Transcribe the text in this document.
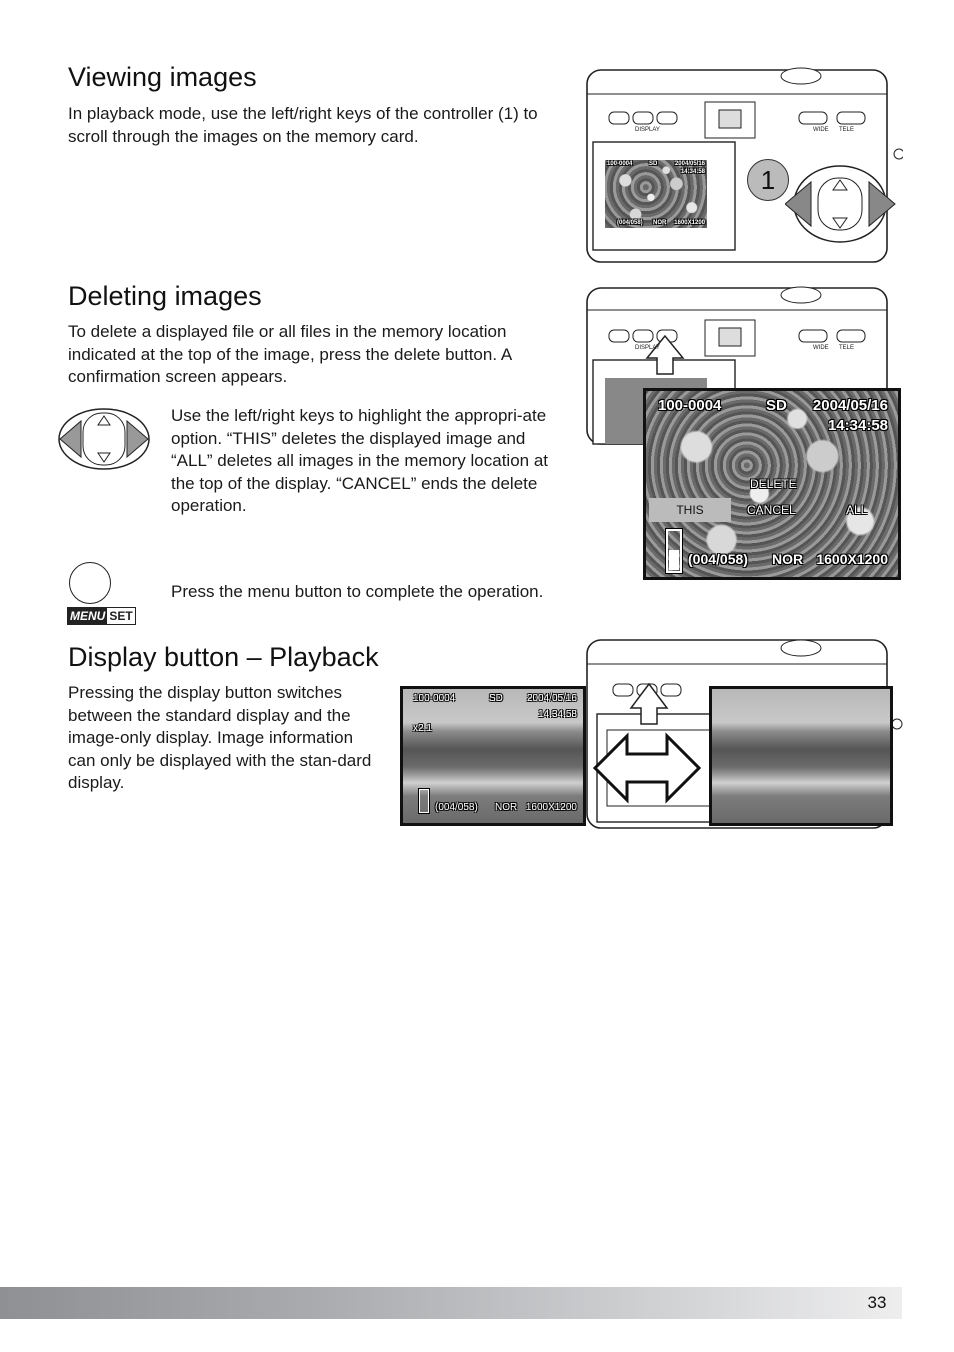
Viewing images

In playback mode, use the left/right keys of the controller (1) to scroll through the images on the memory card.	DISPLAY	WIDE TELE
100-0004	SD	2004/05/16
14:34:58
(004/058) NOR 1600X1200
1
Deleting images

To delete a displayed file or all files in the memory location indicated at the top of the image, press the delete button. A confirmation screen appears.

Use the left/right keys to highlight the appropri-ate option. “THIS” deletes the displayed image and “ALL” deletes all images in the memory location at the top of the display. “CANCEL” ends the delete operation.

MENU SET

Press the menu button to complete the operation.

DISPLAY	WIDE TELE
100-0004	SD 2004/05/16
14:34:58
DELETE
THIS	CANCEL	ALL
(004/058) NOR 1600X1200
Display button – Playback

Pressing the display button switches between the standard display and the image-only display. Image information can only be displayed with the stan-dard display.

100-0004	SD 2004/05/16
14:34:58
x2.1
(004/058) NOR 1600X1200
33
